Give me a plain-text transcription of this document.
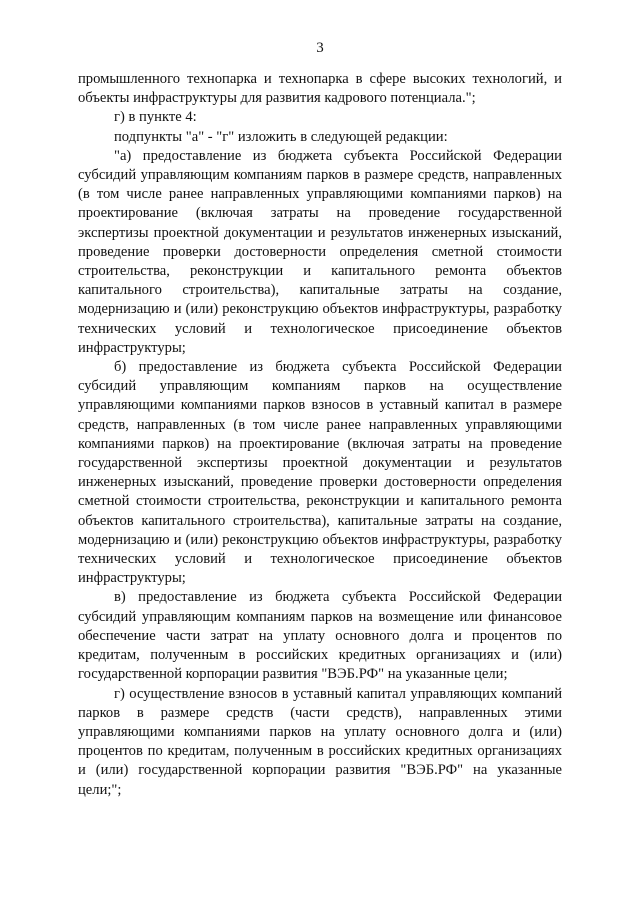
3

промышленного технопарка и технопарка в сфере высоких технологий, и объекты инфраструктуры для развития кадрового потенциала.";

г) в пункте 4:

подпункты "а" - "г" изложить в следующей редакции:

"а) предоставление из бюджета субъекта Российской Федерации субсидий управляющим компаниям парков в размере средств, направленных (в том числе ранее направленных управляющими компаниями парков) на проектирование (включая затраты на проведение государственной экспертизы проектной документации и результатов инженерных изысканий, проведение проверки достоверности определения сметной стоимости строительства, реконструкции и капитального ремонта объектов капитального строительства), капитальные затраты на создание, модернизацию и (или) реконструкцию объектов инфраструктуры, разработку технических условий и технологическое присоединение объектов инфраструктуры;

б) предоставление из бюджета субъекта Российской Федерации субсидий управляющим компаниям парков на осуществление управляющими компаниями парков взносов в уставный капитал в размере средств, направленных (в том числе ранее направленных управляющими компаниями парков) на проектирование (включая затраты на проведение государственной экспертизы проектной документации и результатов инженерных изысканий, проведение проверки достоверности определения сметной стоимости строительства, реконструкции и капитального ремонта объектов капитального строительства), капитальные затраты на создание, модернизацию и (или) реконструкцию объектов инфраструктуры, разработку технических условий и технологическое присоединение объектов инфраструктуры;

в) предоставление из бюджета субъекта Российской Федерации субсидий управляющим компаниям парков на возмещение или финансовое обеспечение части затрат на уплату основного долга и процентов по кредитам, полученным в российских кредитных организациях и (или) государственной корпорации развития "ВЭБ.РФ" на указанные цели;

г) осуществление взносов в уставный капитал управляющих компаний парков в размере средств (части средств), направленных этими управляющими компаниями парков на уплату основного долга и (или) процентов по кредитам, полученным в российских кредитных организациях и (или) государственной корпорации развития "ВЭБ.РФ" на указанные цели;";
